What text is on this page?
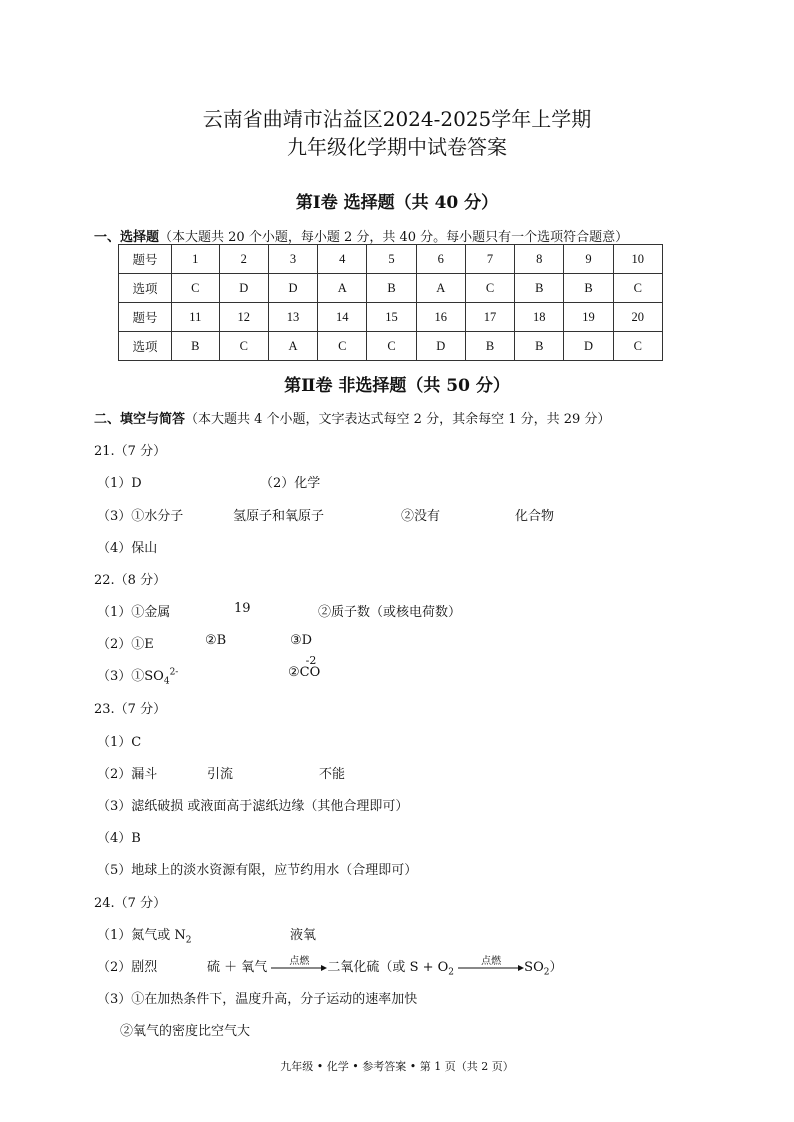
云南省曲靖市沾益区2024-2025学年上学期
九年级化学期中试卷答案
第Ⅰ卷 选择题（共 40 分）
一、选择题（本大题共 20 个小题，每小题 2 分，共 40 分。每小题只有一个选项符合题意）
题号	1	2	3	4	5	6	7	8	9	10
选项	C	D	D	A	B	A	C	B	B	C
题号	11	12	13	14	15	16	17	18	19	20
选项	B	C	A	C	C	D	B	B	D	C
第Ⅱ卷 非选择题（共 50 分）
二、填空与简答（本大题共 4 个小题，文字表达式每空 2 分，其余每空 1 分，共 29 分）
21.（7 分）
（1）D	（2）化学
（3）①水分子	氢原子和氧原子	②没有	化合物
（4）保山
22.（8 分）
（1）①金属	19	②质子数（或核电荷数）
（2）①E	②B	③D
$(3)①SO_4^{2-}$	②CO
-2
23.（7 分）
（1）C
（2）漏斗	引流	不能
（3）滤纸破损 或液面高于滤纸边缘（其他合理即可）
（4）B
（5）地球上的淡水资源有限，应节约用水（合理即可）
24.（7 分）
（1）氮气或 $N_2$	液氧
（2）剧烈	硫 ＋ 氧气	点燃	二氧化硫（或 $S + O_2$
点燃	$SO_2$）
（3）①在加热条件下，温度升高，分子运动的速率加快
②氧气的密度比空气大
九年级 • 化学 • 参考答案 • 第 1 页（共 2 页）
